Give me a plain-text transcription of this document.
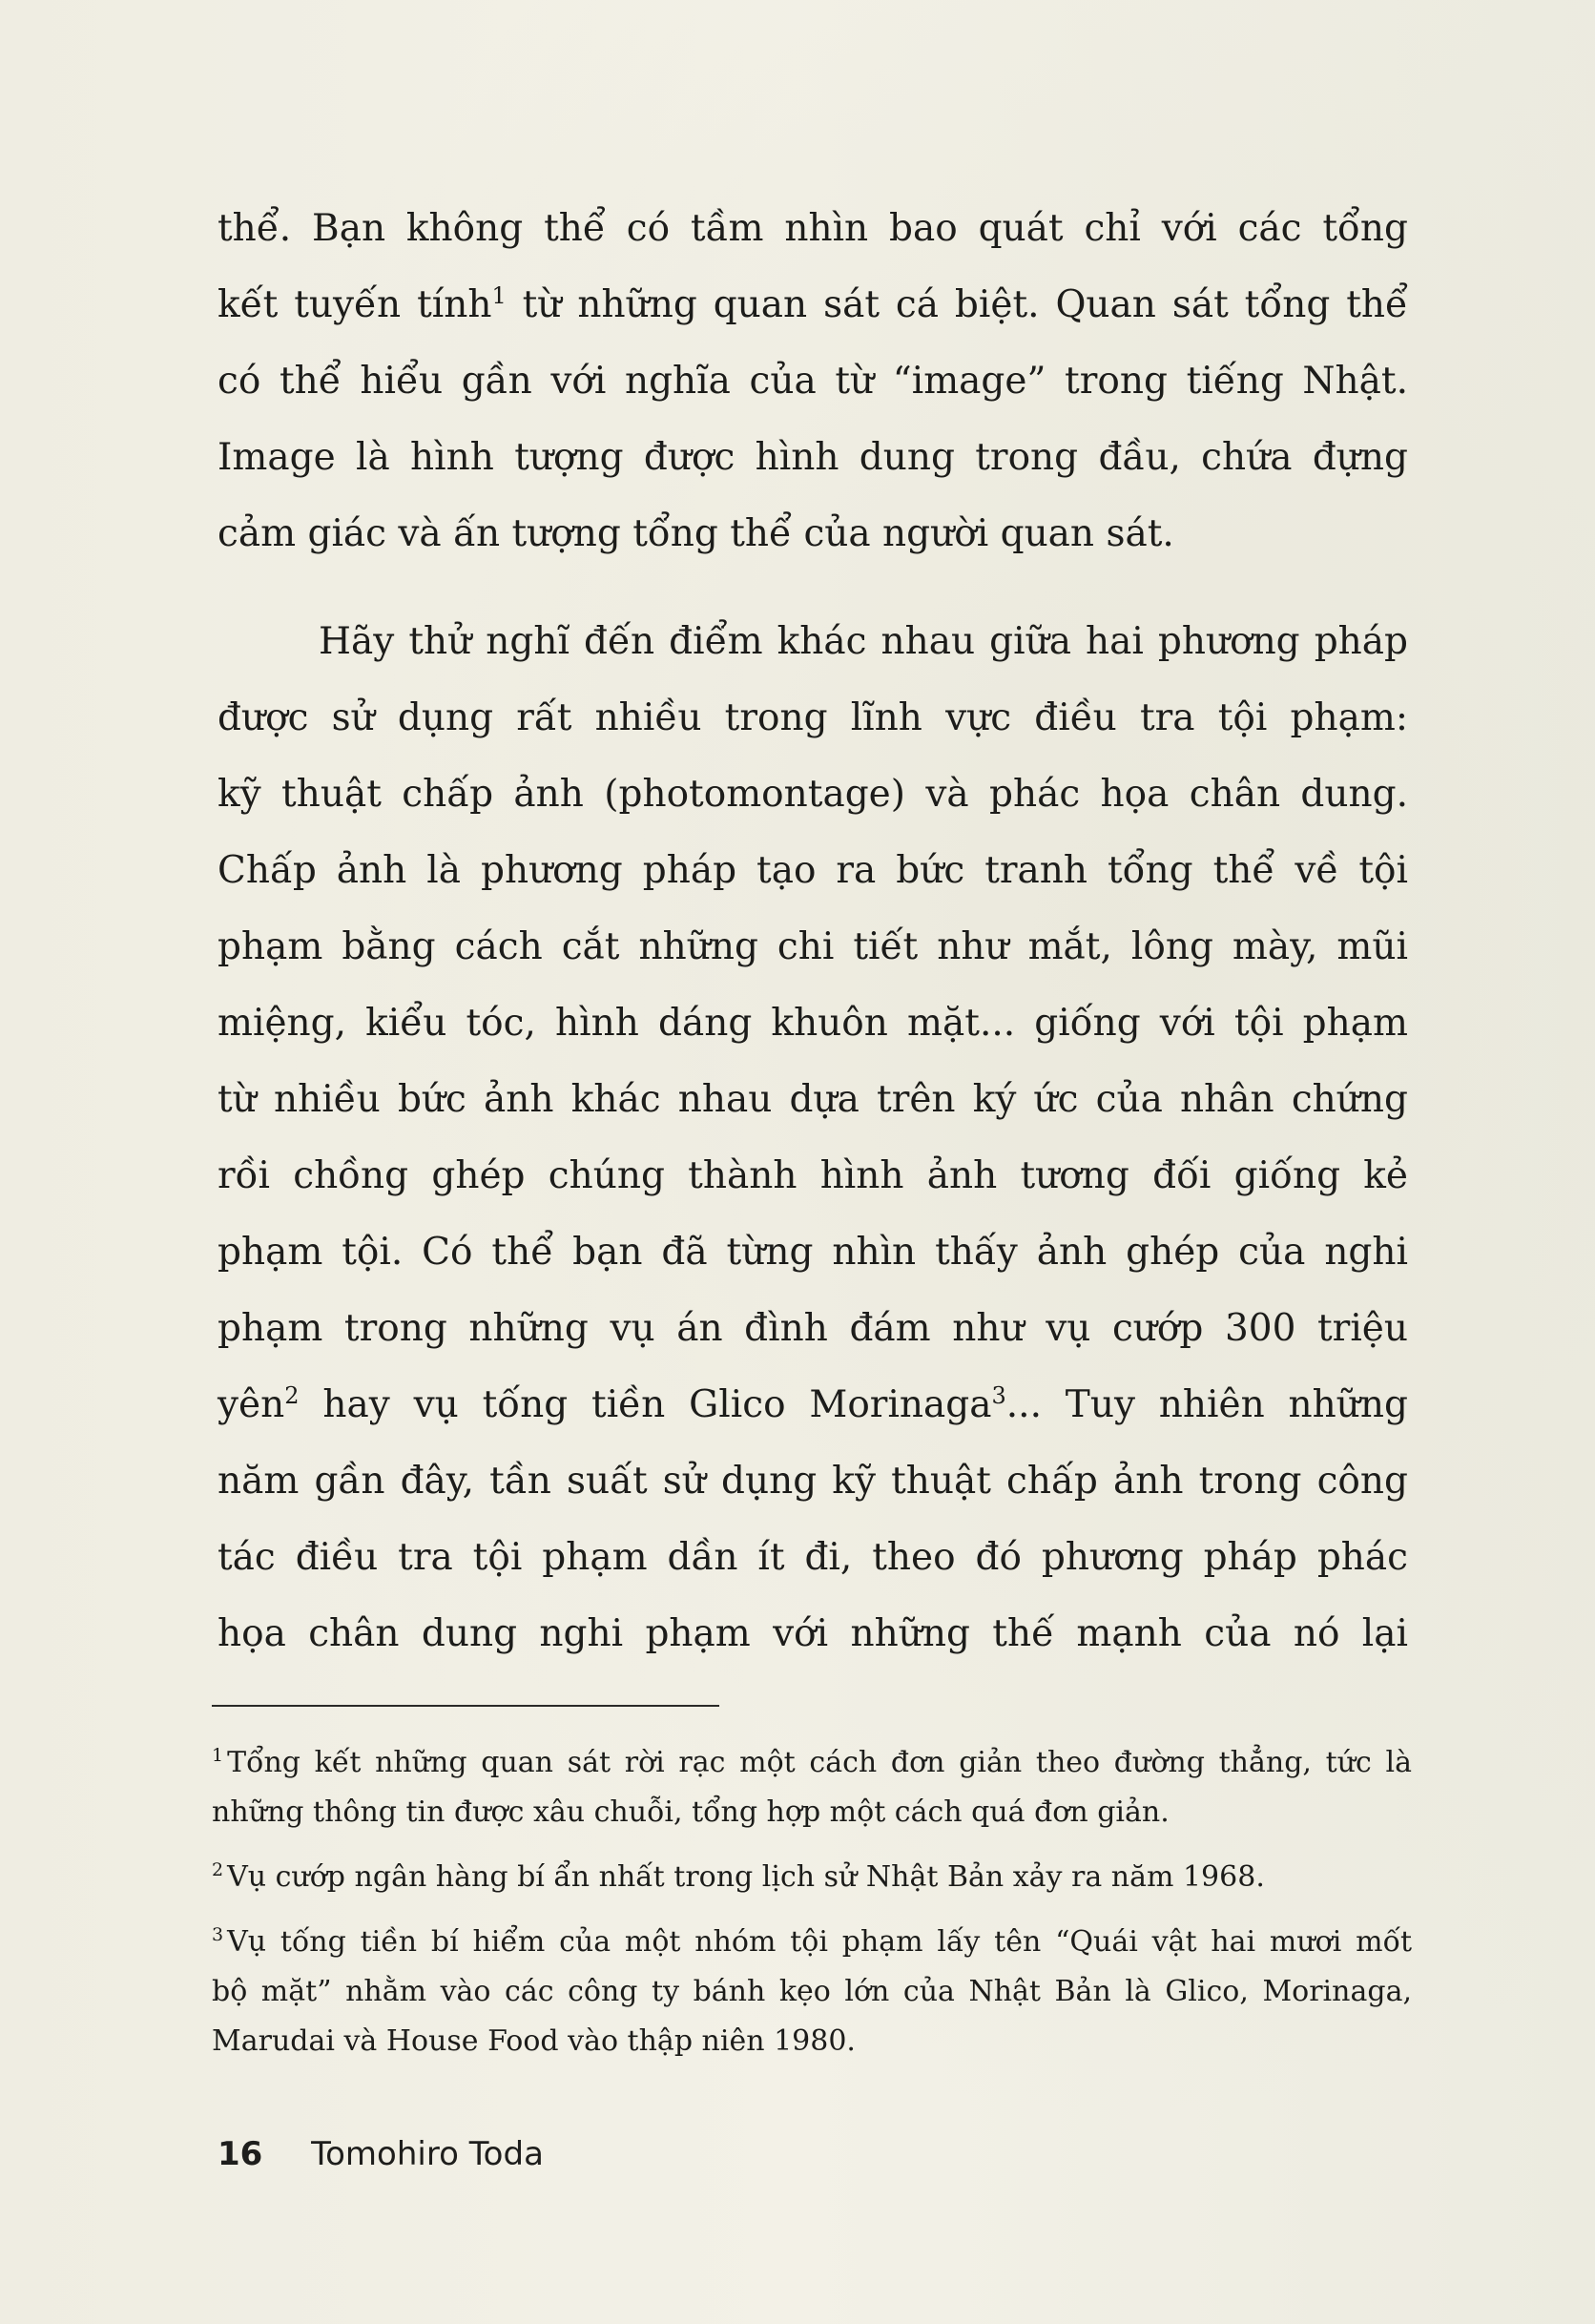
thể. Bạn không thể có tầm nhìn bao quát chỉ với các tổng
kết tuyến tính$^1$ từ những quan sát cá biệt. Quan sát tổng thể
có thể hiểu gần với nghĩa của từ “image” trong tiếng Nhật.
Image là hình tượng được hình dung trong đầu, chứa đựng
cảm giác và ấn tượng tổng thể của người quan sát.
Hãy thử nghĩ đến điểm khác nhau giữa hai phương pháp
được sử dụng rất nhiều trong lĩnh vực điều tra tội phạm:
kỹ thuật chấp ảnh (photomontage) và phác họa chân dung.
Chấp ảnh là phương pháp tạo ra bức tranh tổng thể về tội
phạm bằng cách cắt những chi tiết như mắt, lông mày, mũi
miệng, kiểu tóc, hình dáng khuôn mặt... giống với tội phạm
từ nhiều bức ảnh khác nhau dựa trên ký ức của nhân chứng
rồi chồng ghép chúng thành hình ảnh tương đối giống kẻ
phạm tội. Có thể bạn đã từng nhìn thấy ảnh ghép của nghi
phạm trong những vụ án đình đám như vụ cướp 300 triệu
yên$^2$ hay vụ tống tiền Glico Morinaga$^3$... Tuy nhiên những
năm gần đây, tần suất sử dụng kỹ thuật chấp ảnh trong công
tác điều tra tội phạm dần ít đi, theo đó phương pháp phác
họa chân dung nghi phạm với những thế mạnh của nó lại
$^1$ Tổng kết những quan sát rời rạc một cách đơn giản theo đường thẳng, tức là
những thông tin được xâu chuỗi, tổng hợp một cách quá đơn giản.
$^2$ Vụ cướp ngân hàng bí ẩn nhất trong lịch sử Nhật Bản xảy ra năm 1968.
$^3$ Vụ tống tiền bí hiểm của một nhóm tội phạm lấy tên “Quái vật hai mươi mốt
bộ mặt” nhằm vào các công ty bánh kẹo lớn của Nhật Bản là Glico, Morinaga,
Marudai và House Food vào thập niên 1980.
16 Tomohiro Toda
